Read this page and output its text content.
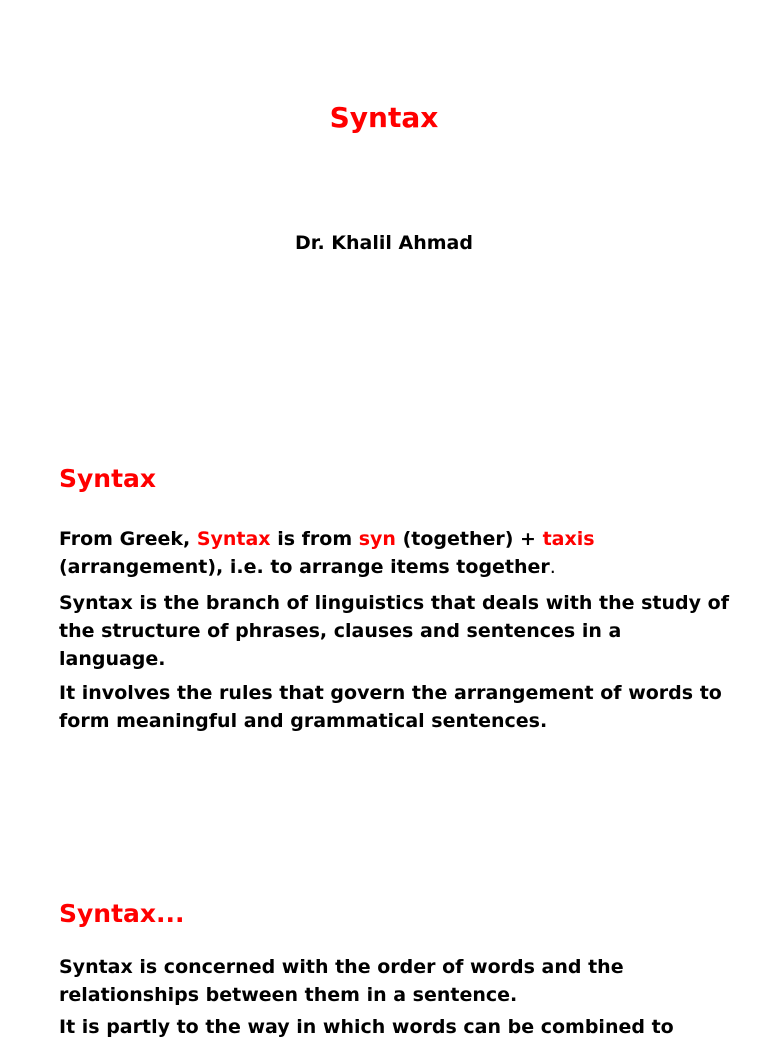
Syntax

Dr. Khalil Ahmad

Syntax

From Greek, Syntax is from syn (together) + taxis (arrangement), i.e. to arrange items together.

Syntax is the branch of linguistics that deals with the study of the structure of phrases, clauses and sentences in a language.

It involves the rules that govern the arrangement of words to form meaningful and grammatical sentences.

Syntax...

Syntax is concerned with the order of words and the relationships between them in a sentence.

It is partly to the way in which words can be combined to
